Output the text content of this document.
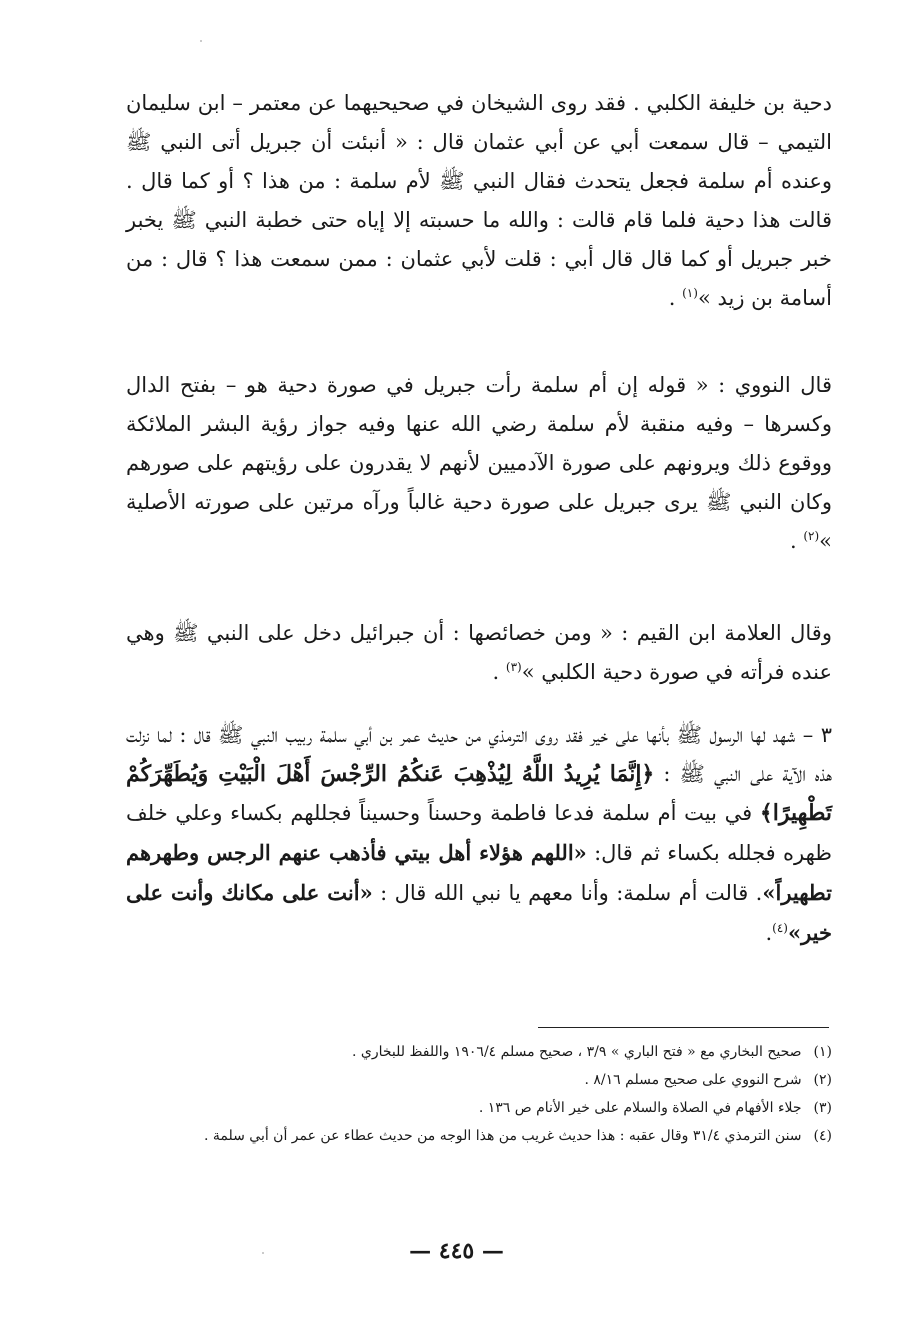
دحية بن خليفة الكلبي . فقد روى الشيخان في صحيحيهما عن معتمر – ابن سليمان التيمي – قال سمعت أبي عن أبي عثمان قال : « أنبئت أن جبريل أتى النبي ﷺ وعنده أم سلمة فجعل يتحدث فقال النبي ﷺ لأم سلمة : من هذا ؟ أو كما قال . قالت هذا دحية فلما قام قالت : والله ما حسبته إلا إياه حتى خطبة النبي ﷺ يخبر خبر جبريل أو كما قال قال أبي : قلت لأبي عثمان : ممن سمعت هذا ؟ قال : من أسامة بن زيد »$^{(١)}$ .

قال النووي : « قوله إن أم سلمة رأت جبريل في صورة دحية هو – بفتح الدال وكسرها – وفيه منقبة لأم سلمة رضي الله عنها وفيه جواز رؤية البشر الملائكة ووقوع ذلك ويرونهم على صورة الآدميين لأنهم لا يقدرون على رؤيتهم على صورهم وكان النبي ﷺ يرى جبريل على صورة دحية غالباً ورآه مرتين على صورته الأصلية »$^{(٢)}$ .

وقال العلامة ابن القيم : « ومن خصائصها : أن جبرائيل دخل على النبي ﷺ وهي عنده فرأته في صورة دحية الكلبي »$^{(٣)}$ .

٣ – شهد لها الرسول ﷺ بأنها على خير فقد روى الترمذي من حديث عمر بن أبي سلمة ربيب النبي ﷺ قال : لما نزلت هذه الآية على النبي ﷺ : ﴿إِنَّمَا يُرِيدُ اللَّهُ لِيُذْهِبَ عَنكُمُ الرِّجْسَ أَهْلَ الْبَيْتِ وَيُطَهِّرَكُمْ تَطْهِيرًا﴾ في بيت أم سلمة فدعا فاطمة وحسناً وحسيناً فجللهم بكساء وعلي خلف ظهره فجلله بكساء ثم قال: «اللهم هؤلاء أهل بيتي فأذهب عنهم الرجس وطهرهم تطهيراً». قالت أم سلمة: وأنا معهم يا نبي الله قال : «أنت على مكانك وأنت على خير»$^{(٤)}$.

(١) صحيح البخاري مع « فتح الباري » ٣/٩ ، صحيح مسلم ١٩٠٦/٤ واللفظ للبخاري .

(٢) شرح النووي على صحيح مسلم ٨/١٦ .

(٣) جلاء الأفهام في الصلاة والسلام على خير الأنام ص ١٣٦ .

(٤) سنن الترمذي ٣١/٤ وقال عقبه : هذا حديث غريب من هذا الوجه من حديث عطاء عن عمر أن أبي سلمة .

— ٤٤٥ —
